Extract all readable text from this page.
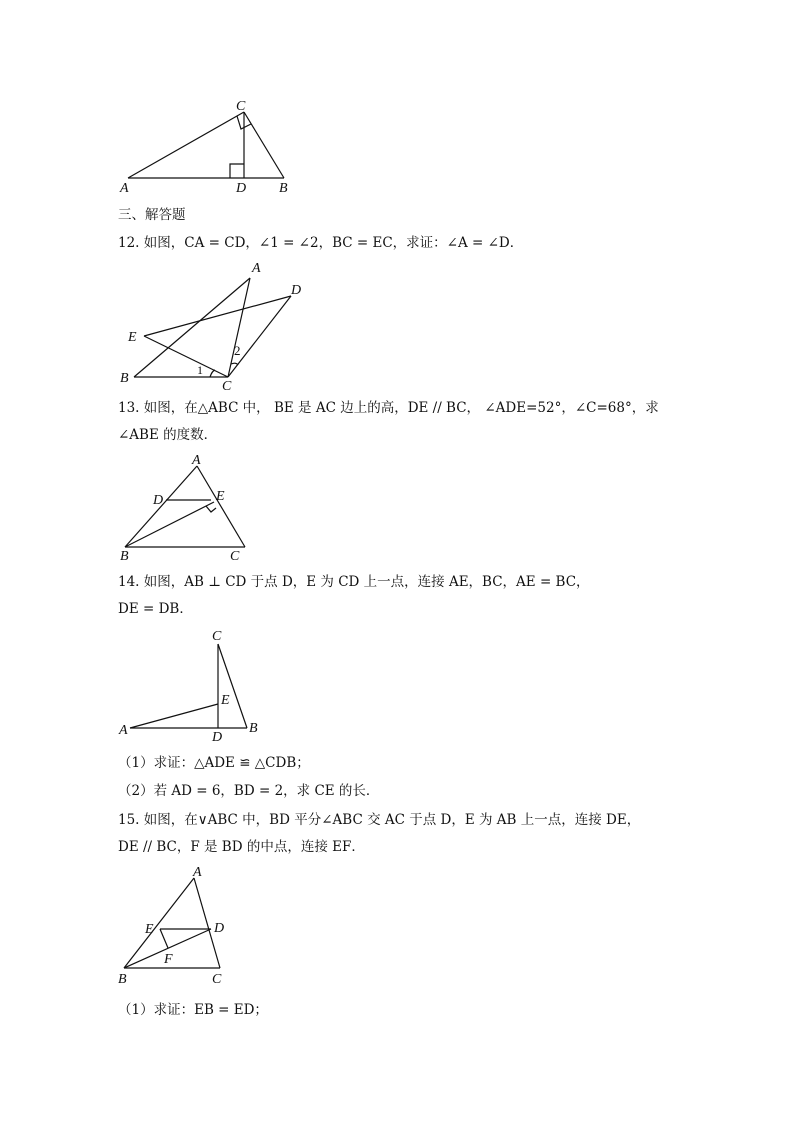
C
A	D B
三、解答题
12. 如图，CA = CD，∠1 = ∠2，BC = EC，求证：∠A = ∠D．
A
D
E
B
C
1
2
13. 如图，在△ABC 中， BE 是 AC 边上的高，DE // BC， ∠ADE=52°，∠C=68°，求
∠ABE 的度数．
A
D	E
B	C
14. 如图，AB ⊥ CD 于点 D，E 为 CD 上一点，连接 AE，BC，AE = BC，
DE = DB．
C
E
A	D
B
（1）求证：△ADE ≌ △CDB；
（2）若 AD = 6，BD = 2，求 CE 的长．
15. 如图，在∨ABC 中，BD 平分∠ABC 交 AC 于点 D，E 为 AB 上一点，连接 DE，
DE // BC，F 是 BD 的中点，连接 EF．
A
E	D
F
B	C
（1）求证：EB = ED；
